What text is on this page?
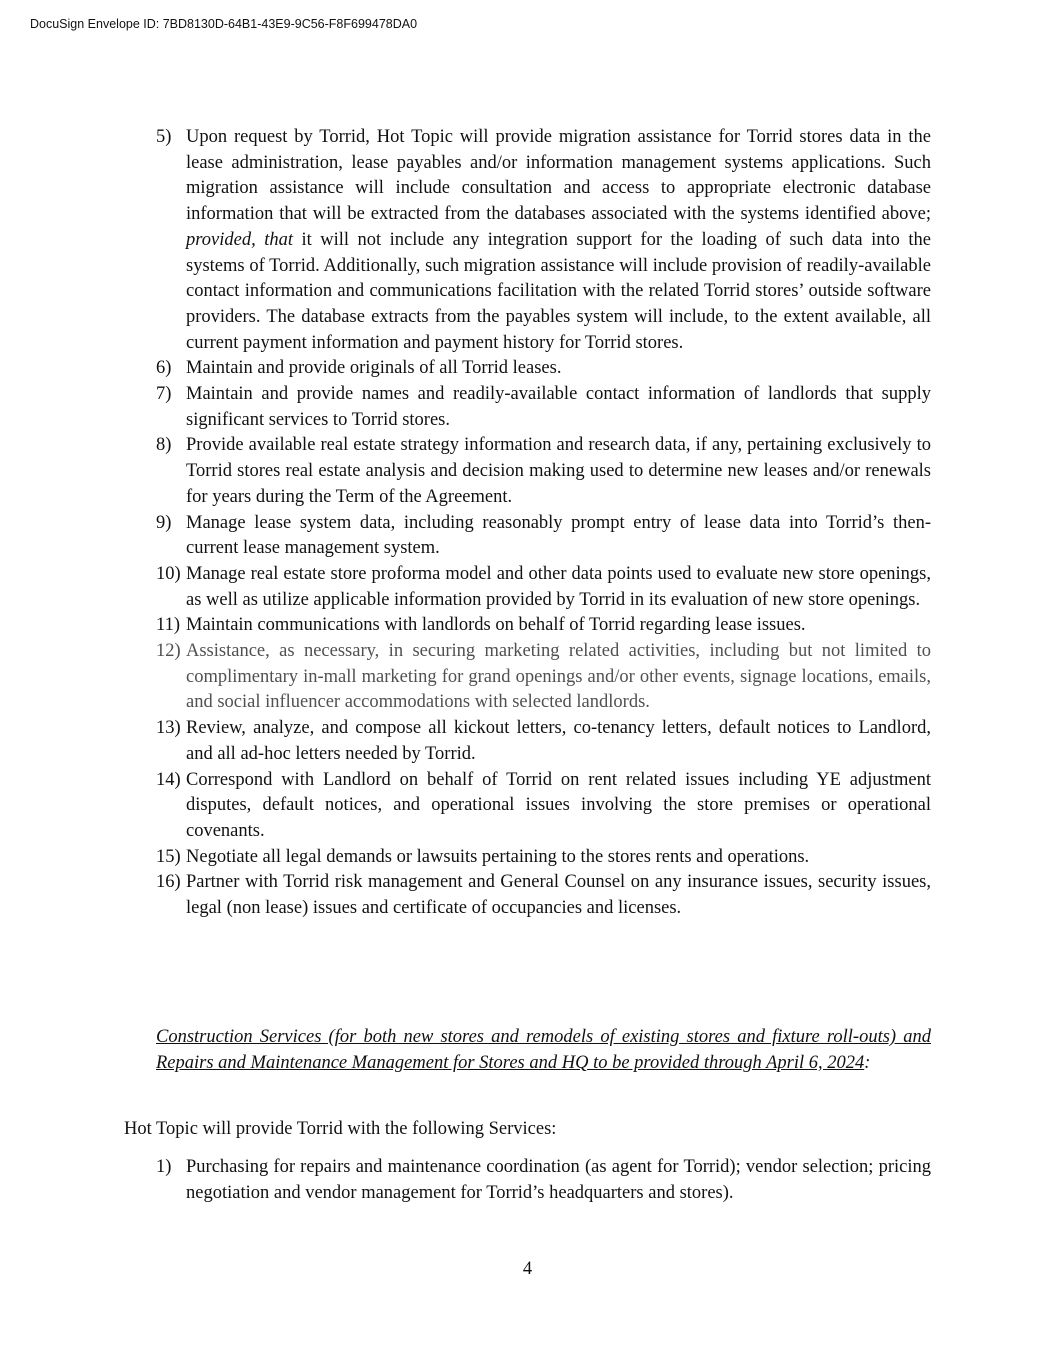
DocuSign Envelope ID: 7BD8130D-64B1-43E9-9C56-F8F699478DA0
5) Upon request by Torrid, Hot Topic will provide migration assistance for Torrid stores data in the lease administration, lease payables and/or information management systems applications. Such migration assistance will include consultation and access to appropriate electronic database information that will be extracted from the databases associated with the systems identified above; provided, that it will not include any integration support for the loading of such data into the systems of Torrid. Additionally, such migration assistance will include provision of readily-available contact information and communications facilitation with the related Torrid stores’ outside software providers. The database extracts from the payables system will include, to the extent available, all current payment information and payment history for Torrid stores.
6) Maintain and provide originals of all Torrid leases.
7) Maintain and provide names and readily-available contact information of landlords that supply significant services to Torrid stores.
8) Provide available real estate strategy information and research data, if any, pertaining exclusively to Torrid stores real estate analysis and decision making used to determine new leases and/or renewals for years during the Term of the Agreement.
9) Manage lease system data, including reasonably prompt entry of lease data into Torrid’s then-current lease management system.
10) Manage real estate store proforma model and other data points used to evaluate new store openings, as well as utilize applicable information provided by Torrid in its evaluation of new store openings.
11) Maintain communications with landlords on behalf of Torrid regarding lease issues.
12) Assistance, as necessary, in securing marketing related activities, including but not limited to complimentary in-mall marketing for grand openings and/or other events, signage locations, emails, and social influencer accommodations with selected landlords.
13) Review, analyze, and compose all kickout letters, co-tenancy letters, default notices to Landlord, and all ad-hoc letters needed by Torrid.
14) Correspond with Landlord on behalf of Torrid on rent related issues including YE adjustment disputes, default notices, and operational issues involving the store premises or operational covenants.
15) Negotiate all legal demands or lawsuits pertaining to the stores rents and operations.
16) Partner with Torrid risk management and General Counsel on any insurance issues, security issues, legal (non lease) issues and certificate of occupancies and licenses.
Construction Services (for both new stores and remodels of existing stores and fixture roll-outs) and Repairs and Maintenance Management for Stores and HQ to be provided through April 6, 2024:
Hot Topic will provide Torrid with the following Services:
1) Purchasing for repairs and maintenance coordination (as agent for Torrid); vendor selection; pricing negotiation and vendor management for Torrid’s headquarters and stores).
4
